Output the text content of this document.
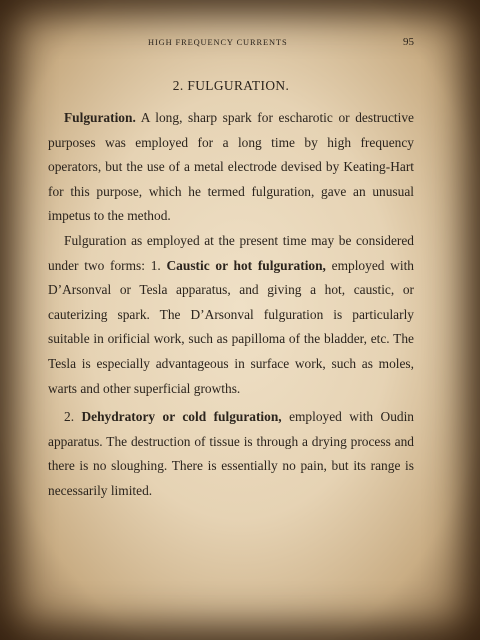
HIGH FREQUENCY CURRENTS	95
2. FULGURATION.

Fulguration. A long, sharp spark for escharotic or destructive purposes was employed for a long time by high frequency operators, but the use of a metal electrode devised by Keating-Hart for this purpose, which he termed fulguration, gave an unusual impetus to the method.

Fulguration as employed at the present time may be considered under two forms: 1. Caustic or hot fulguration, employed with D’Arsonval or Tesla apparatus, and giving a hot, caustic, or cauterizing spark. The D’Arsonval fulguration is particularly suitable in orificial work, such as papilloma of the bladder, etc. The Tesla is especially advantageous in surface work, such as moles, warts and other superficial growths.

2. Dehydratory or cold fulguration, employed with Oudin apparatus. The destruction of tissue is through a drying process and there is no sloughing. There is essentially no pain, but its range is necessarily limited.
